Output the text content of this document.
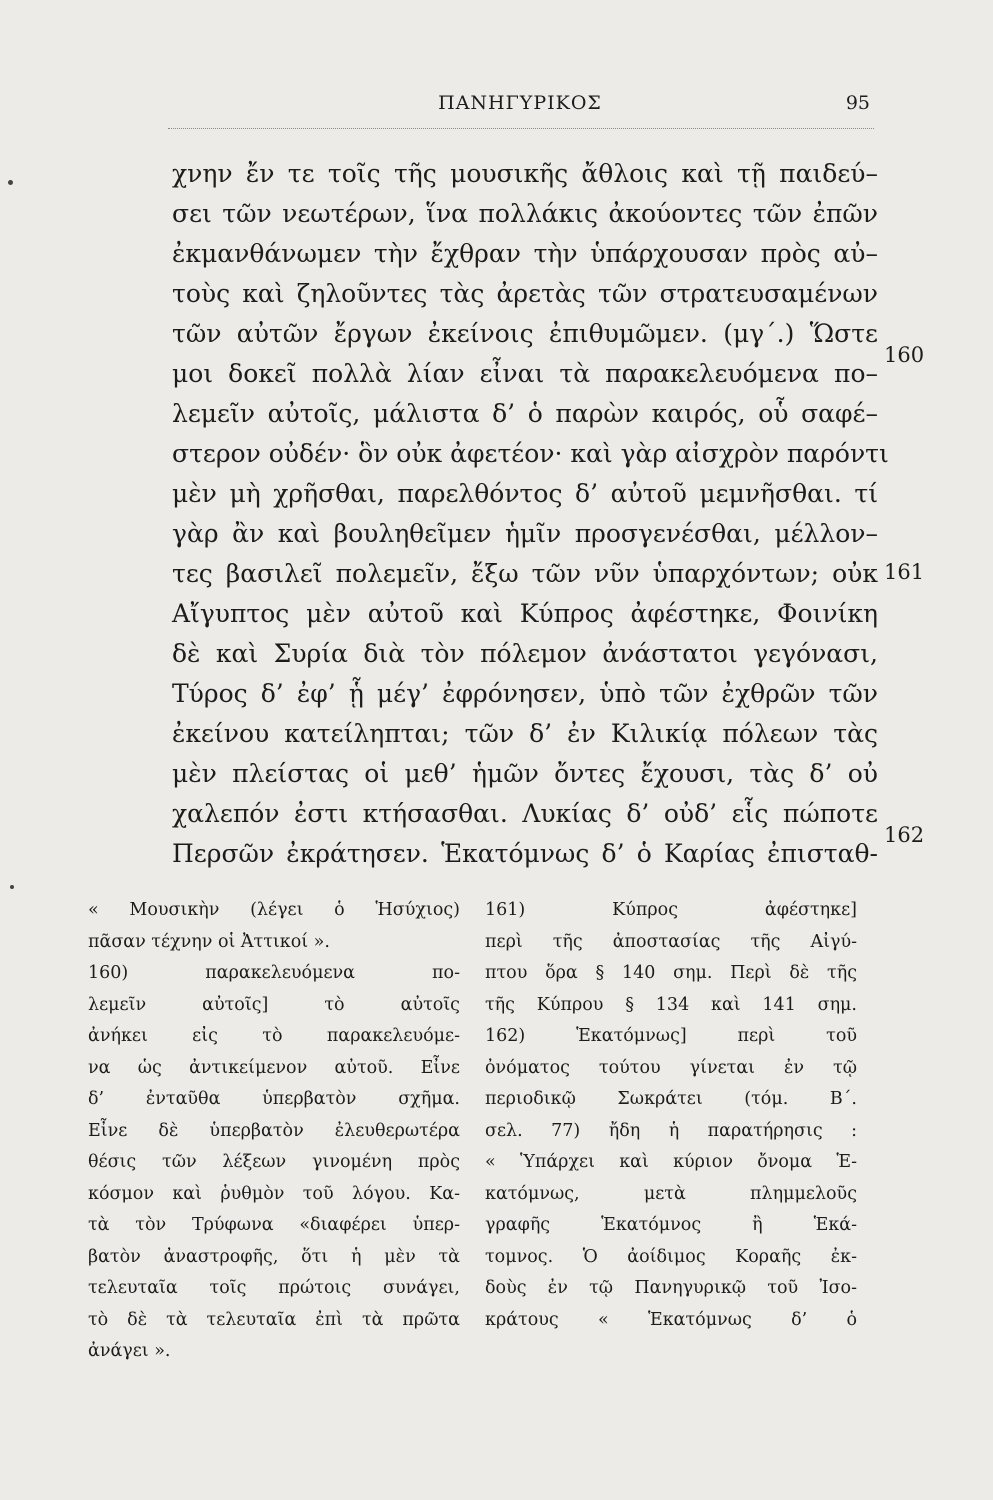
ΠΑΝΗΓΥΡΙΚΟΣ	95
χνην ἔν τε τοῖς τῆς μουσικῆς ἄθλοις καὶ τῇ παιδεύ–
σει τῶν νεωτέρων, ἵνα πολλάκις ἀκούοντες τῶν ἐπῶν
ἐκμανθάνωμεν τὴν ἔχθραν τὴν ὑπάρχουσαν πρὸς αὐ–
τοὺς καὶ ζηλοῦντες τὰς ἀρετὰς τῶν στρατευσαμένων
τῶν αὐτῶν ἔργων ἐκείνοις ἐπιθυμῶμεν. (μγ΄.) Ὥστε
μοι δοκεῖ πολλὰ λίαν εἶναι τὰ παρακελευόμενα πο–
λεμεῖν αὐτοῖς, μάλιστα δ’ ὁ παρὼν καιρός, οὗ σαφέ–
στερον οὐδέν· ὃν οὐκ ἀφετέον· καὶ γὰρ αἰσχρὸν παρόντι
μὲν μὴ χρῆσθαι, παρελθόντος δ’ αὐτοῦ μεμνῆσθαι. τί
γὰρ ἂν καὶ βουληθεῖμεν ἡμῖν προσγενέσθαι, μέλλον–
τες βασιλεῖ πολεμεῖν, ἔξω τῶν νῦν ὑπαρχόντων; οὐκ
Αἴγυπτος μὲν αὐτοῦ καὶ Κύπρος ἀφέστηκε, Φοινίκη
δὲ καὶ Συρία διὰ τὸν πόλεμον ἀνάστατοι γεγόνασι,
Τύρος δ’ ἐφ’ ᾗ μέγ’ ἐφρόνησεν, ὑπὸ τῶν ἐχθρῶν τῶν
ἐκείνου κατείληπται; τῶν δ’ ἐν Κιλικίᾳ πόλεων τὰς
μὲν πλείστας οἱ μεθ’ ἡμῶν ὄντες ἔχουσι, τὰς δ’ οὐ
χαλεπόν ἐστι κτήσασθαι. Λυκίας δ’ οὐδ’ εἷς πώποτε
Περσῶν ἐκράτησεν. Ἑκατόμνως δ’ ὁ Καρίας ἐπισταθ-
160
161
162
« Μουσικὴν (λέγει ὁ Ἡσύχιος)
πᾶσαν τέχνην οἱ Ἀττικοί ».
160) παρακελευόμενα πο-
λεμεῖν αὐτοῖς] τὸ αὐτοῖς
ἀνήκει εἰς τὸ παρακελευόμε-
να ὡς ἀντικείμενον αὐτοῦ. Εἶνε
δ’ ἐνταῦθα ὑπερβατὸν σχῆμα.
Εἶνε δὲ ὑπερβατὸν ἐλευθερωτέρα
θέσις τῶν λέξεων γινομένη πρὸς
κόσμον καὶ ῥυθμὸν τοῦ λόγου. Κα-
τὰ τὸν Τρύφωνα «διαφέρει ὑπερ-
βατὸν ἀναστροφῆς, ὅτι ἡ μὲν τὰ
τελευταῖα τοῖς πρώτοις συνάγει,
τὸ δὲ τὰ τελευταῖα ἐπὶ τὰ πρῶτα
ἀνάγει ».
161) Κύπρος ἀφέστηκε]
περὶ τῆς ἀποστασίας τῆς Αἰγύ-
πτου ὅρα § 140 σημ. Περὶ δὲ τῆς
τῆς Κύπρου § 134 καὶ 141 σημ.
162) Ἑκατόμνως] περὶ τοῦ
ὀνόματος τούτου γίνεται ἐν τῷ
περιοδικῷ Σωκράτει (τόμ. Β΄.
σελ. 77) ἤδη ἡ παρατήρησις :
« Ὑπάρχει καὶ κύριον ὄνομα Ἑ-
κατόμνως, μετὰ πλημμελοῦς
γραφῆς Ἑκατόμνος ἢ Ἑκά-
τομνος. Ὁ ἀοίδιμος Κοραῆς ἐκ-
δοὺς ἐν τῷ Πανηγυρικῷ τοῦ Ἰσο-
κράτους « Ἑκατόμνως δ’ ὁ
